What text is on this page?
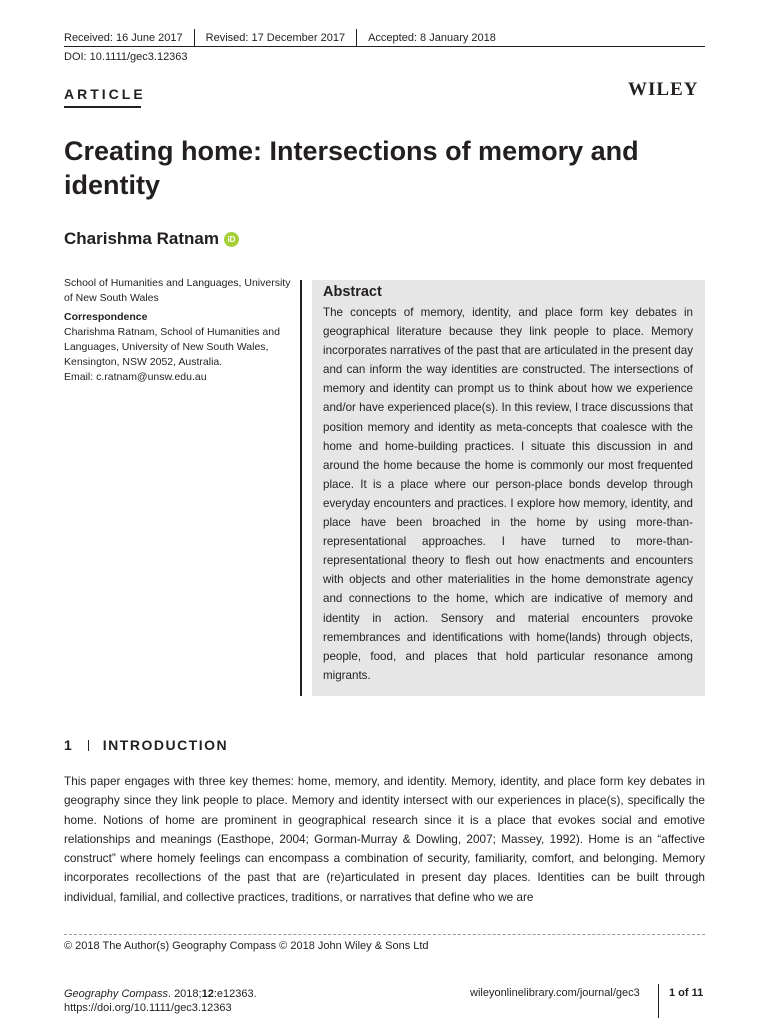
Received: 16 June 2017 Revised: 17 December 2017 Accepted: 8 January 2018
DOI: 10.1111/gec3.12363
ARTICLE	WILEY
Creating home: Intersections of memory and identity
Charishma Ratnam	iD
School of Humanities and Languages, University of New South Wales
Correspondence
Charishma Ratnam, School of Humanities and Languages, University of New South Wales, Kensington, NSW 2052, Australia.
Email: c.ratnam@unsw.edu.au
Abstract

The concepts of memory, identity, and place form key debates in geographical literature because they link people to place. Memory incorporates narratives of the past that are articulated in the present day and can inform the way identities are constructed. The intersections of memory and identity can prompt us to think about how we experience and/or have experienced place(s). In this review, I trace discussions that position memory and identity as meta-concepts that coalesce with the home and home-building practices. I situate this discussion in and around the home because the home is commonly our most frequented place. It is a place where our person-place bonds develop through everyday encounters and practices. I explore how memory, identity, and place have been broached in the home by using more-than-representational approaches. I have turned to more-than-representational theory to flesh out how enactments and encounters with objects and other materialities in the home demonstrate agency and connections to the home, which are indicative of memory and identity in action. Sensory and material encounters provoke remembrances and identifications with home(lands) through objects, people, food, and places that hold particular resonance among migrants.

1 INTRODUCTION

This paper engages with three key themes: home, memory, and identity. Memory, identity, and place form key debates in geography since they link people to place. Memory and identity intersect with our experiences in place(s), specifically the home. Notions of home are prominent in geographical research since it is a place that evokes social and emotive relationships and meanings (Easthope, 2004; Gorman-Murray & Dowling, 2007; Massey, 1992). Home is an “affective construct” where homely feelings can encompass a combination of security, familiarity, comfort, and belonging. Memory incorporates recollections of the past that are (re)articulated in present day places. Identities can be built through individual, familial, and collective practices, traditions, or narratives that define who we are

© 2018 The Author(s) Geography Compass © 2018 John Wiley & Sons Ltd
Geography Compass. 2018;12:e12363.
https://doi.org/10.1111/gec3.12363
wileyonlinelibrary.com/journal/gec3	1 of 11
